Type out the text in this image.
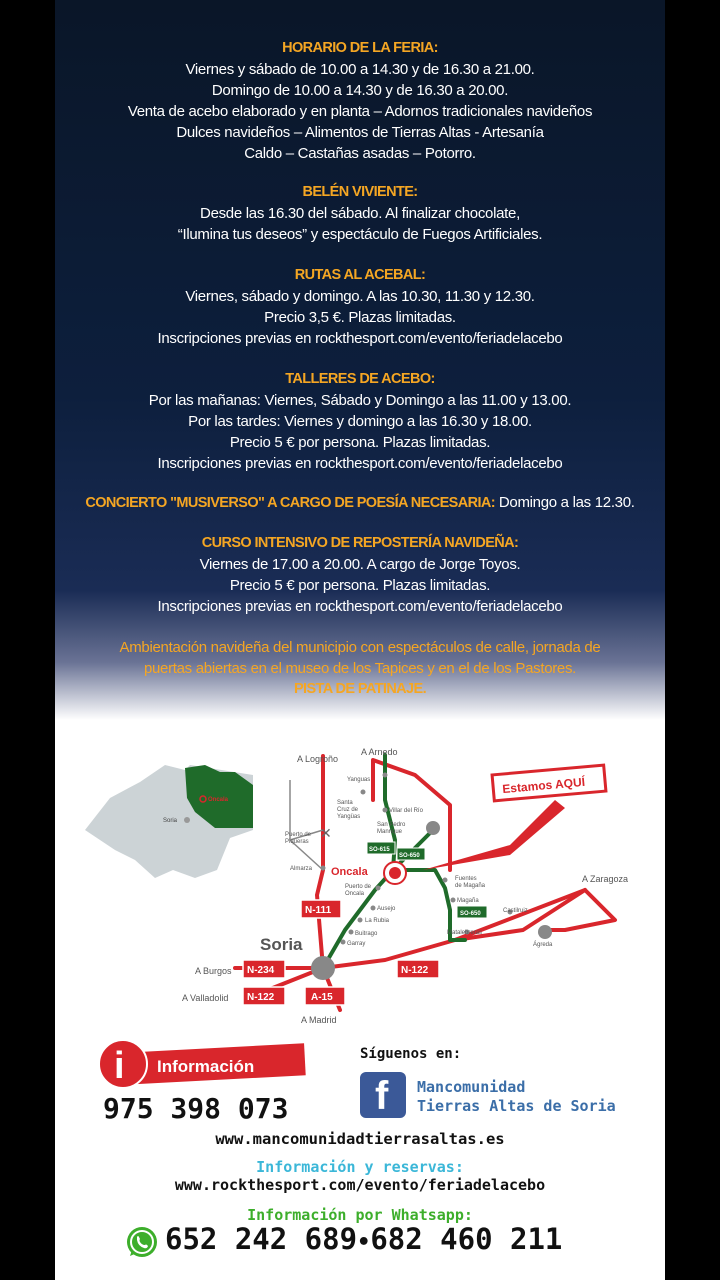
HORARIO DE LA FERIA:
Viernes y sábado de 10.00 a 14.30 y de 16.30 a 21.00.
Domingo de 10.00 a 14.30 y de 16.30 a 20.00.
Venta de acebo elaborado y en planta – Adornos tradicionales navideños
Dulces navideños – Alimentos de Tierras Altas - Artesanía
Caldo – Castañas asadas – Potorro.
BELÉN VIVIENTE:
Desde las 16.30 del sábado. Al finalizar chocolate,
“Ilumina tus deseos” y espectáculo de Fuegos Artificiales.
RUTAS AL ACEBAL:
Viernes, sábado y domingo. A las 10.30, 11.30 y 12.30.
Precio 3,5 €. Plazas limitadas.
Inscripciones previas en rockthesport.com/evento/feriadelacebo
TALLERES DE ACEBO:
Por las mañanas: Viernes, Sábado y Domingo a las 11.00 y 13.00.
Por las tardes: Viernes y domingo a las 16.30 y 18.00.
Precio 5 € por persona. Plazas limitadas.
Inscripciones previas en rockthesport.com/evento/feriadelacebo
CONCIERTO "MUSIVERSO" A CARGO DE POESÍA NECESARIA: Domingo a las 12.30.
CURSO INTENSIVO DE REPOSTERÍA NAVIDEÑA:
Viernes de 17.00 a 20.00. A cargo de Jorge Toyos.
Precio 5 € por persona. Plazas limitadas.
Inscripciones previas en rockthesport.com/evento/feriadelacebo
Ambientación navideña del municipio con espectáculos de calle, jornada de
puertas abiertas en el museo de los Tapices y en el de los Pastores.
PISTA DE PATINAJE.
Oncala
Soria
✕
Estamos AQUÍ
A Logroño
A Arnedo
A Zaragoza
A Burgos
A Valladolid
A Madrid
Yanguas
Santa
Cruz de
Yangüas
Villar del Río
San Pedro
Manrique
Puerto de
Piqueras
Almarza
Puerto de
Oncala
Fuentes
de Magaña
Magaña
Ausejo
La Rubia
Buitrago
Garray
Castilruiz
Matalebreras
Ágreda
Soria
Oncala
N-111
N-234
N-122
N-122
A-15
SO-615
SO-650
SO-650
i Información
975 398 073
Síguenos en:
f Mancomunidad
Tierras Altas de Soria
www.mancomunidadtierrasaltas.es
Información y reservas:
www.rockthesport.com/evento/feriadelacebo
Información por Whatsapp:
652 242 689•682 460 211
